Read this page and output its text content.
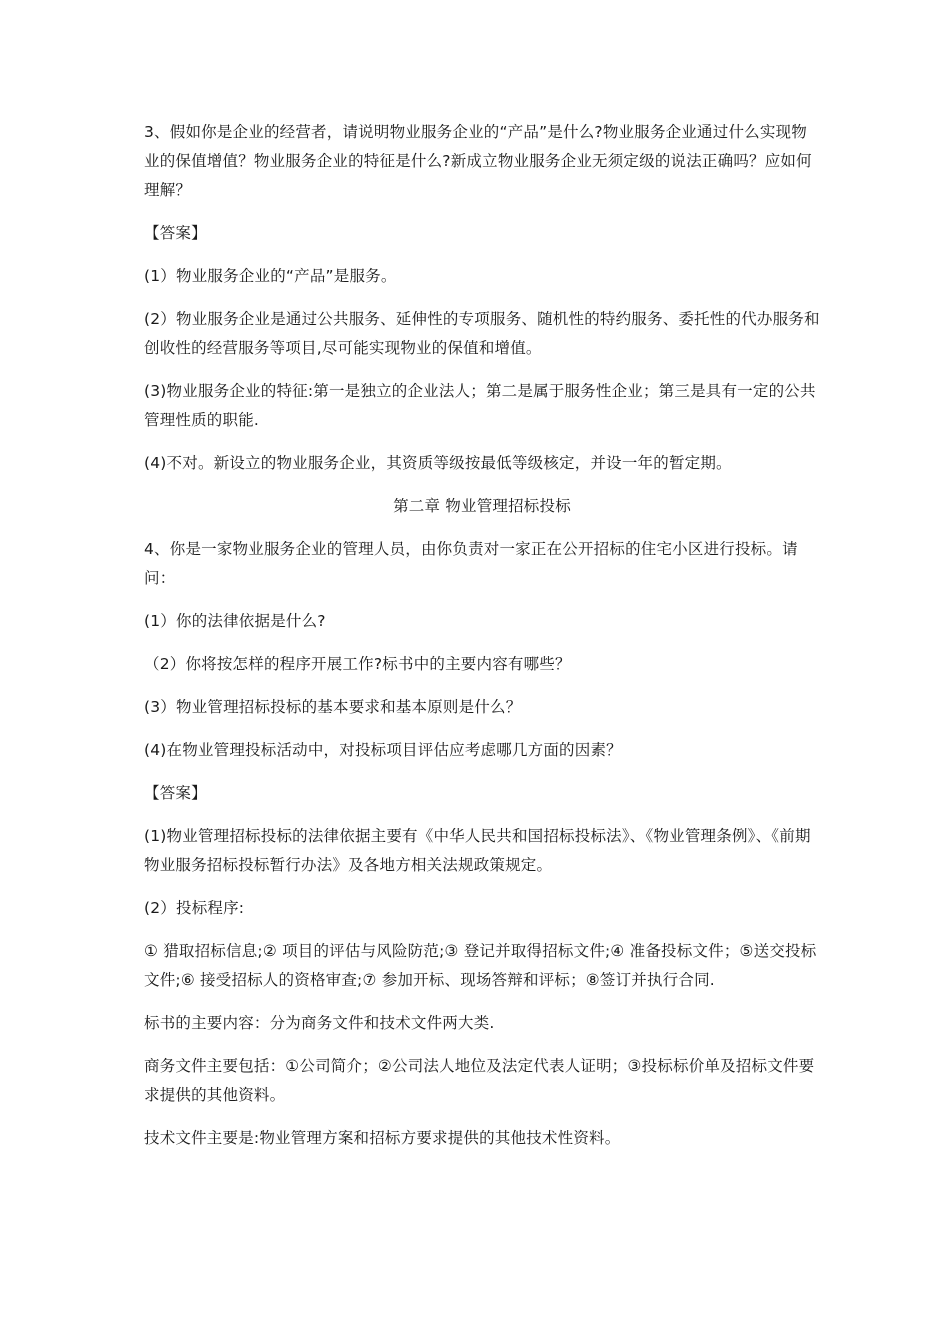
3、假如你是企业的经营者，请说明物业服务企业的“产品”是什么?物业服务企业通过什么实现物业的保值增值？物业服务企业的特征是什么?新成立物业服务企业无须定级的说法正确吗？应如何理解？

【答案】

(1）物业服务企业的“产品”是服务。

(2）物业服务企业是通过公共服务、延伸性的专项服务、随机性的特约服务、委托性的代办服务和创收性的经营服务等项目,尽可能实现物业的保值和增值。

(3)物业服务企业的特征:第一是独立的企业法人；第二是属于服务性企业；第三是具有一定的公共管理性质的职能.

(4)不对。新设立的物业服务企业，其资质等级按最低等级核定，并设一年的暂定期。

第二章 物业管理招标投标

4、你是一家物业服务企业的管理人员，由你负责对一家正在公开招标的住宅小区进行投标。请问：

(1）你的法律依据是什么?

（2）你将按怎样的程序开展工作?标书中的主要内容有哪些？

(3）物业管理招标投标的基本要求和基本原则是什么？

(4)在物业管理投标活动中，对投标项目评估应考虑哪几方面的因素？

【答案】

(1)物业管理招标投标的法律依据主要有《中华人民共和国招标投标法》、《物业管理条例》、《前期物业服务招标投标暂行办法》及各地方相关法规政策规定。

(2）投标程序:

① 猎取招标信息;② 项目的评估与风险防范;③ 登记并取得招标文件;④ 准备投标文件；⑤送交投标文件;⑥ 接受招标人的资格审查;⑦ 参加开标、现场答辩和评标；⑧签订并执行合同.

标书的主要内容：分为商务文件和技术文件两大类.

商务文件主要包括：①公司简介；②公司法人地位及法定代表人证明；③投标标价单及招标文件要求提供的其他资料。

技术文件主要是:物业管理方案和招标方要求提供的其他技术性资料。
